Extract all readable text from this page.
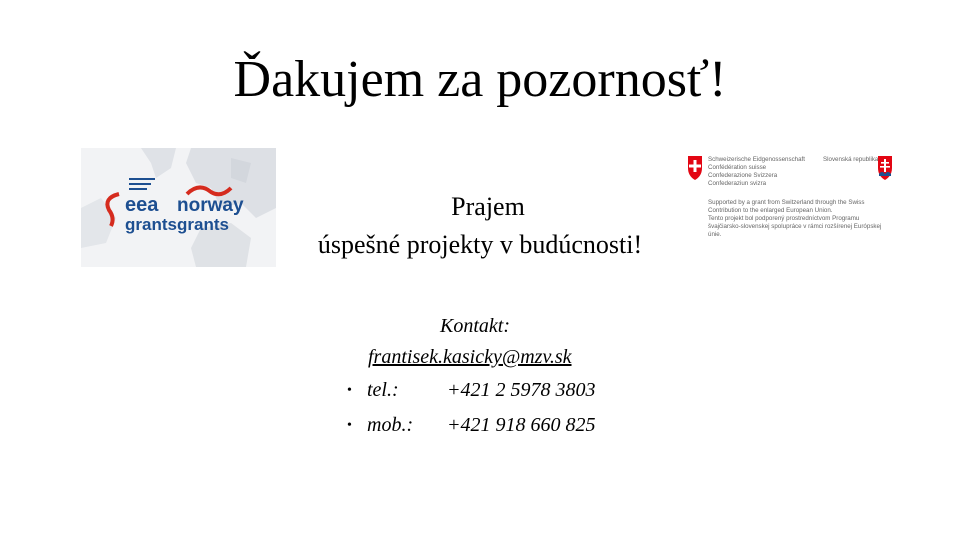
Ďakujem za pozornosť!
eea
grants
norway
grants
Schweizerische Eidgenossenschaft
Confédération suisse
Confederazione Svizzera
Confederaziun svizra
Slovenská republika
Supported by a grant from Switzerland through the Swiss
Contribution to the enlarged European Union.
Tento projekt bol podporený prostredníctvom Programu
švajčiarsko-slovenskej spolupráce v rámci rozšírenej Európskej
únie.
Prajem
úspešné projekty v budúcnosti!
Kontakt:
frantisek.kasicky@mzv.sk
• tel.: +421 2 5978 3803
• mob.: +421 918 660 825
